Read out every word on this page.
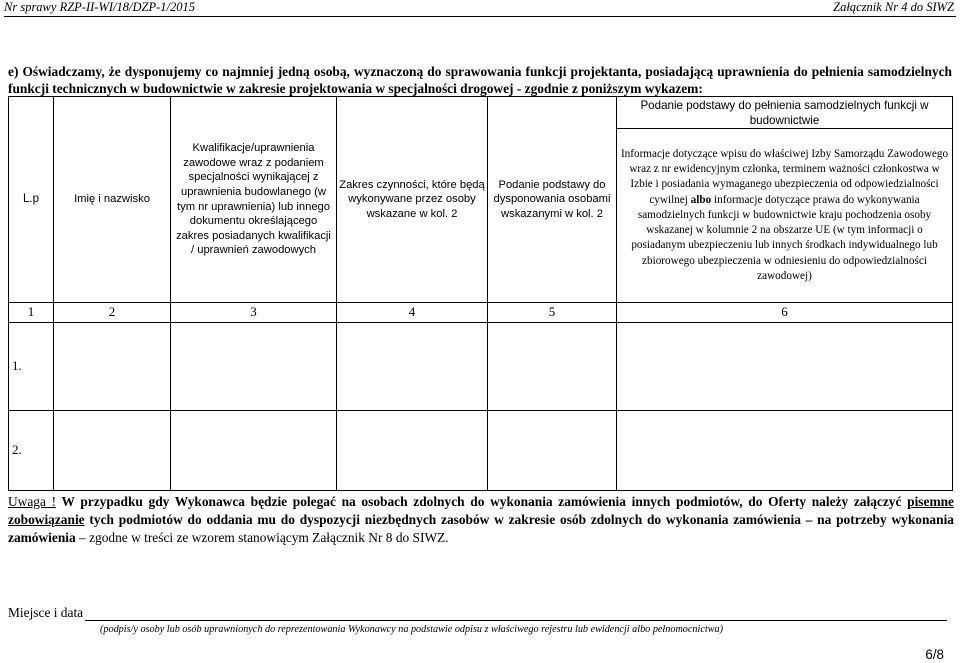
Nr sprawy RZP-II-WI/18/DZP-1/2015	Załącznik Nr 4 do SIWZ
e) Oświadczamy, że dysponujemy co najmniej jedną osobą, wyznaczoną do sprawowania funkcji projektanta, posiadającą uprawnienia do pełnienia samodzielnych funkcji technicznych w budownictwie w zakresie projektowania w specjalności drogowej - zgodnie z poniższym wykazem:
L.p	Imię i nazwisko	Kwalifikacje/uprawnienia zawodowe wraz z podaniem specjalności wynikającej z uprawnienia budowlanego (w tym nr uprawnienia) lub innego dokumentu określającego zakres posiadanych kwalifikacji / uprawnień zawodowych	Zakres czynności, które będą wykonywane przez osoby wskazane w kol. 2	Podanie podstawy do dysponowania osobami wskazanymi w kol. 2	Podanie podstawy do pełnienia samodzielnych funkcji w budownictwie
					Informacje dotyczące wpisu do właściwej Izby Samorządu Zawodowego wraz z nr ewidencyjnym członka, terminem ważności członkostwa w Izbie i posiadania wymaganego ubezpieczenia od odpowiedzialności cywilnej albo informacje dotyczące prawa do wykonywania samodzielnych funkcji w budownictwie kraju pochodzenia osoby wskazanej w kolumnie 2 na obszarze UE (w tym informacji o posiadanym ubezpieczeniu lub innych środkach indywidualnego lub zbiorowego ubezpieczenia w odniesieniu do odpowiedzialności zawodowej)
1	2	3	4	5	6
1.					
2.					
Uwaga ! W przypadku gdy Wykonawca będzie polegać na osobach zdolnych do wykonania zamówienia innych podmiotów, do Oferty należy załączyć pisemne zobowiązanie tych podmiotów do oddania mu do dyspozycji niezbędnych zasobów w zakresie osób zdolnych do wykonania zamówienia – na potrzeby wykonania zamówienia – zgodne w treści ze wzorem stanowiącym Załącznik Nr 8 do SIWZ.
Miejsce i data
(podpis/y osoby lub osób uprawnionych do reprezentowania Wykonawcy na podstawie odpisu z właściwego rejestru lub ewidencji albo pełnomocnictwa)
6/8
